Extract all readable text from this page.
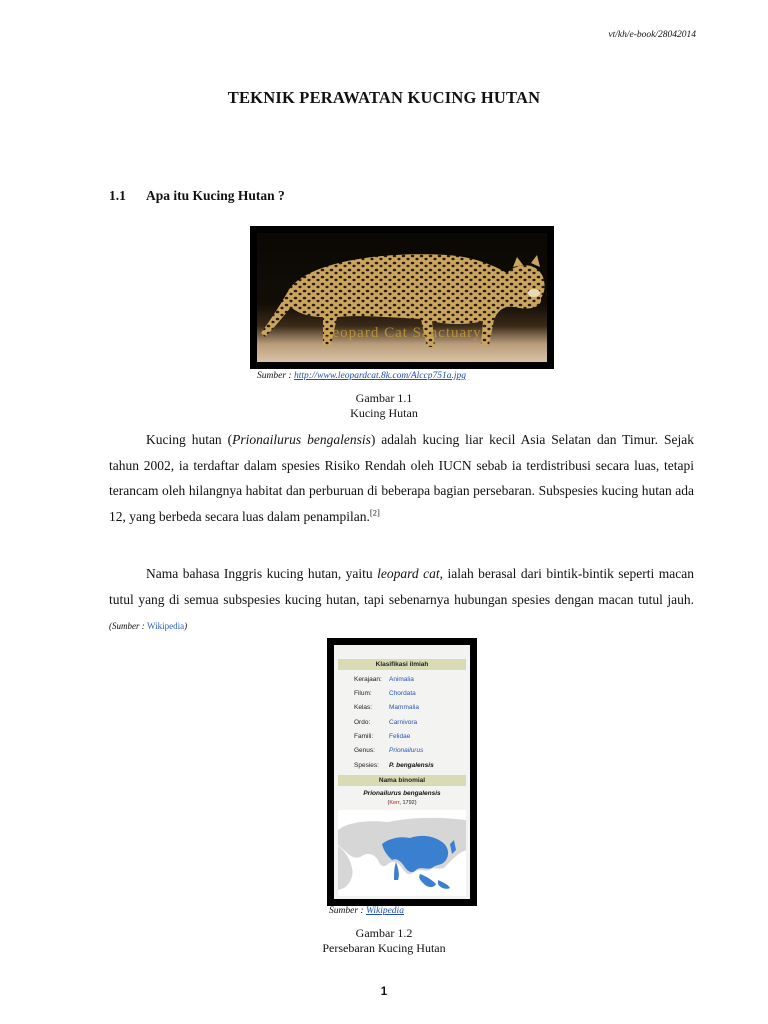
vt/kh/e-book/28042014
TEKNIK PERAWATAN KUCING HUTAN
1.1 Apa itu Kucing Hutan ?
Leopard Cat Sanctuary
Sumber : http://www.leopardcat.8k.com/Alccp751a.jpg
Gambar 1.1
Kucing Hutan

Kucing hutan (Prionailurus bengalensis) adalah kucing liar kecil Asia Selatan dan Timur. Sejak tahun 2002, ia terdaftar dalam spesies Risiko Rendah oleh IUCN sebab ia terdistribusi secara luas, tetapi terancam oleh hilangnya habitat dan perburuan di beberapa bagian persebaran. Subspesies kucing hutan ada 12, yang berbeda secara luas dalam penampilan.[2]

Nama bahasa Inggris kucing hutan, yaitu leopard cat, ialah berasal dari bintik-bintik seperti macan tutul yang di semua subspesies kucing hutan, tapi sebenarnya hubungan spesies dengan macan tutul jauh. (Sumber : Wikipedia)

Klasifikasi ilmiah
Kerajaan: Animalia
Filum:	Chordata
Kelas:	Mammalia
Ordo:	Carnivora
Famili: Felidae
Genus: Prionailurus
Spesies: P. bengalensis
Nama binomial
Prionailurus bengalensis
(Kerr, 1792)
Sumber : Wikipedia
Gambar 1.2
Persebaran Kucing Hutan
1
